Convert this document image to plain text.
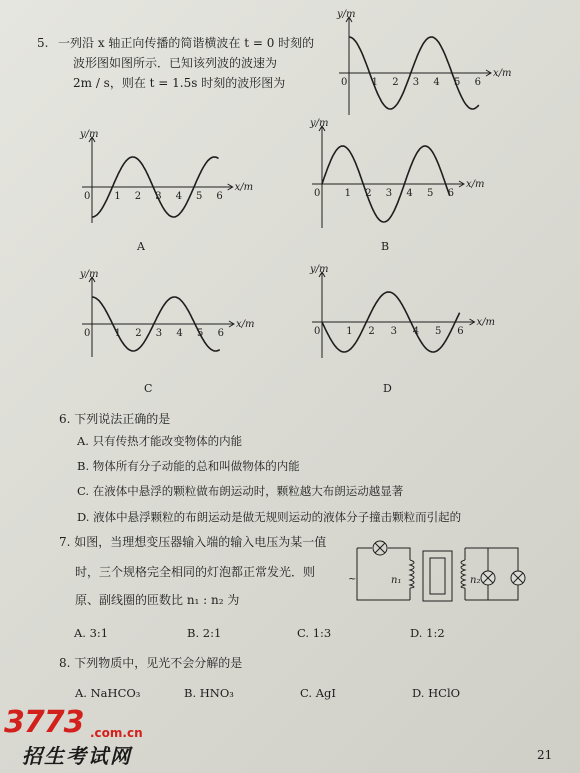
5. 一列沿 x 轴正向传播的简谐横波在 t = 0 时刻的
波形图如图所示．已知该列波的波速为
2m / s，则在 t = 1.5s 时刻的波形图为
y/m
x/m
0 1 2 3 4 5 6
y/m
x/m
0 1 2 3 4 5 6
y/m
x/m
0 1 2 3 4 5 6
y/m
x/m
0 1 2 3 4 5 6
y/m
x/m
0	1 2 3 4 5 6
A	B
C	D
6. 下列说法正确的是
A. 只有传热才能改变物体的内能
B. 物体所有分子动能的总和叫做物体的内能
C. 在液体中悬浮的颗粒做布朗运动时，颗粒越大布朗运动越显著
D. 液体中悬浮颗粒的布朗运动是做无规则运动的液体分子撞击颗粒而引起的
7. 如图，当理想变压器输入端的输入电压为某一值
时，三个规格完全相同的灯泡都正常发光．则
原、副线圈的匝数比 n₁ : n₂ 为
A. 3:1	B. 2:1	C. 1:3	D. 1:2
~	n₁	n₂
8. 下列物质中，见光不会分解的是
A. NaHCO₃	B. HNO₃	C. AgI	D. HClO
3773 .com.cn
招生考试网	21
